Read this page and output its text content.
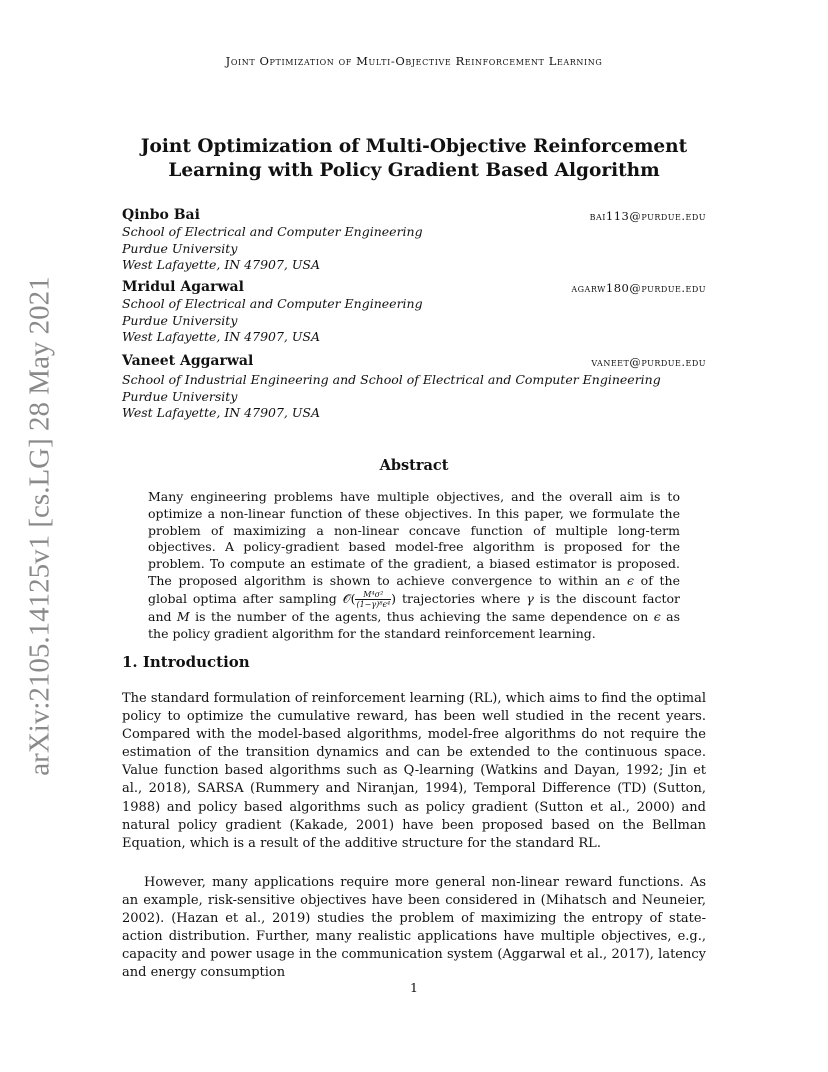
Joint Optimization of Multi-Objective Reinforcement Learning
arXiv:2105.14125v1 [cs.LG] 28 May 2021
Joint Optimization of Multi-Objective Reinforcement
Learning with Policy Gradient Based Algorithm
Qinbo Bai	bai113@purdue.edu
School of Electrical and Computer Engineering
Purdue University
West Lafayette, IN 47907, USA
Mridul Agarwal	agarw180@purdue.edu
School of Electrical and Computer Engineering
Purdue University
West Lafayette, IN 47907, USA
Vaneet Aggarwal	vaneet@purdue.edu
School of Industrial Engineering and School of Electrical and Computer Engineering
Purdue University
West Lafayette, IN 47907, USA
Abstract
Many engineering problems have multiple objectives, and the overall aim is to optimize a non-linear function of these objectives. In this paper, we formulate the problem of maximizing a non-linear concave function of multiple long-term objectives. A policy-gradient based model-free algorithm is proposed for the problem. To compute an estimate of the gradient, a biased estimator is proposed. The proposed algorithm is shown to achieve convergence to within an ϵ of the global optima after sampling 𝒪( $\frac{\text{M⁴σ²}}{\text{(1−γ)⁸ϵ⁴}}$ ) trajectories where γ is the discount factor and M is the number of the agents, thus achieving the same dependence on ϵ as the policy gradient algorithm for the standard reinforcement learning.
1. Introduction

The standard formulation of reinforcement learning (RL), which aims to find the optimal policy to optimize the cumulative reward, has been well studied in the recent years. Compared with the model-based algorithms, model-free algorithms do not require the estimation of the transition dynamics and can be extended to the continuous space. Value function based algorithms such as Q-learning (Watkins and Dayan, 1992; Jin et al., 2018), SARSA (Rummery and Niranjan, 1994), Temporal Difference (TD) (Sutton, 1988) and policy based algorithms such as policy gradient (Sutton et al., 2000) and natural policy gradient (Kakade, 2001) have been proposed based on the Bellman Equation, which is a result of the additive structure for the standard RL.

However, many applications require more general non-linear reward functions. As an example, risk-sensitive objectives have been considered in (Mihatsch and Neuneier, 2002). (Hazan et al., 2019) studies the problem of maximizing the entropy of state-action distribution. Further, many realistic applications have multiple objectives, e.g., capacity and power usage in the communication system (Aggarwal et al., 2017), latency and energy consumption

1
